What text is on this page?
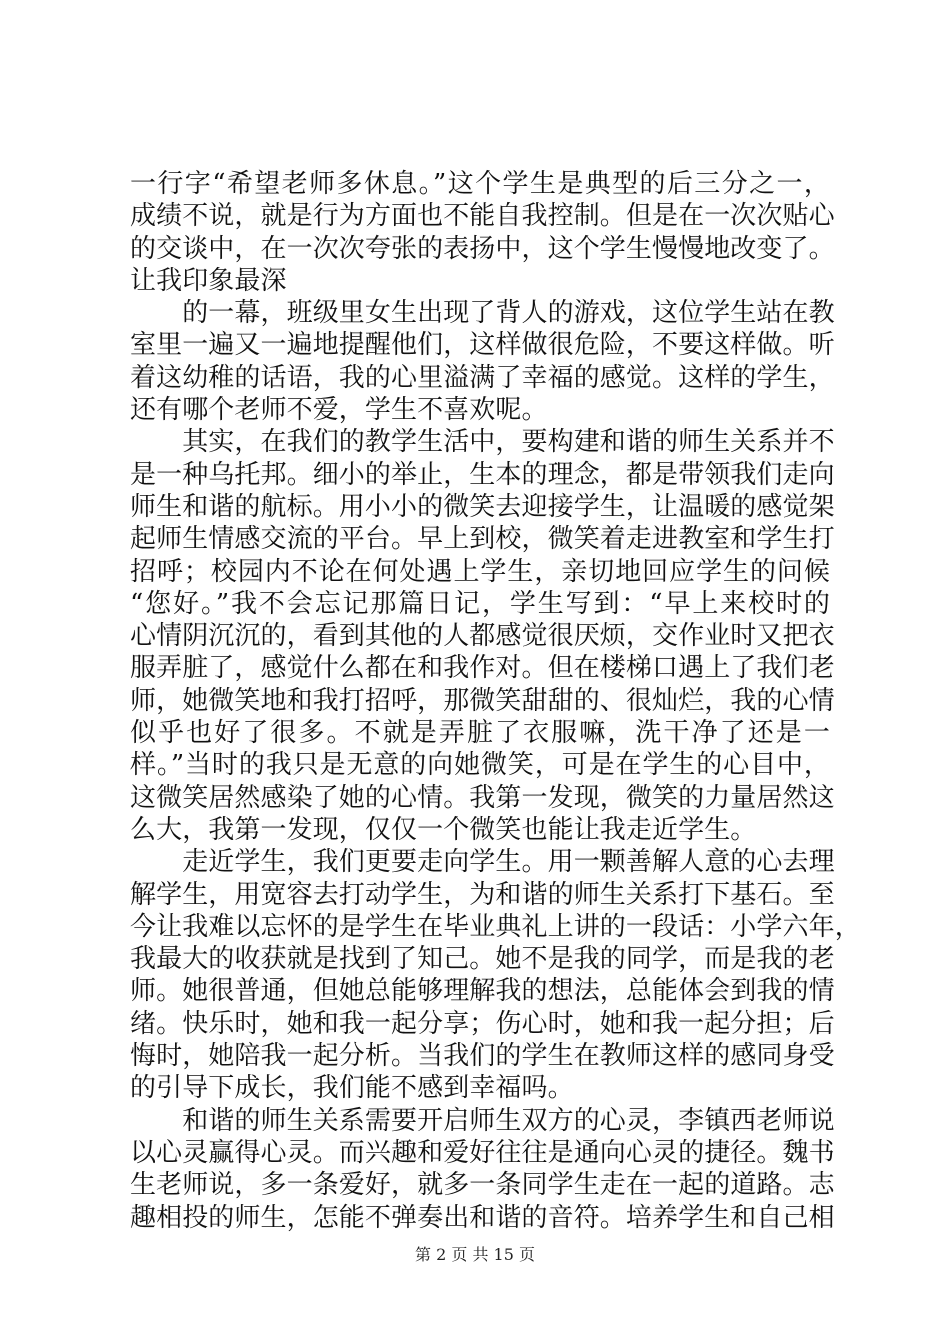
一行字“希望老师多休息。”这个学生是典型的后三分之一，
成绩不说，就是行为方面也不能自我控制。但是在一次次贴心
的交谈中，在一次次夸张的表扬中，这个学生慢慢地改变了。
让我印象最深
　　的一幕，班级里女生出现了背人的游戏，这位学生站在教
室里一遍又一遍地提醒他们，这样做很危险，不要这样做。听
着这幼稚的话语，我的心里溢满了幸福的感觉。这样的学生，
还有哪个老师不爱，学生不喜欢呢。
　　其实，在我们的教学生活中，要构建和谐的师生关系并不
是一种乌托邦。细小的举止，生本的理念，都是带领我们走向
师生和谐的航标。用小小的微笑去迎接学生，让温暖的感觉架
起师生情感交流的平台。早上到校，微笑着走进教室和学生打
招呼；校园内不论在何处遇上学生，亲切地回应学生的问候
“您好。”我不会忘记那篇日记，学生写到：“早上来校时的
心情阴沉沉的，看到其他的人都感觉很厌烦，交作业时又把衣
服弄脏了，感觉什么都在和我作对。但在楼梯口遇上了我们老
师，她微笑地和我打招呼，那微笑甜甜的、很灿烂，我的心情
似乎也好了很多。不就是弄脏了衣服嘛，洗干净了还是一
样。”当时的我只是无意的向她微笑，可是在学生的心目中，
这微笑居然感染了她的心情。我第一发现，微笑的力量居然这
么大，我第一发现，仅仅一个微笑也能让我走近学生。
　　走近学生，我们更要走向学生。用一颗善解人意的心去理
解学生，用宽容去打动学生，为和谐的师生关系打下基石。至
今让我难以忘怀的是学生在毕业典礼上讲的一段话：小学六年，
我最大的收获就是找到了知己。她不是我的同学，而是我的老
师。她很普通，但她总能够理解我的想法，总能体会到我的情
绪。快乐时，她和我一起分享；伤心时，她和我一起分担；后
悔时，她陪我一起分析。当我们的学生在教师这样的感同身受
的引导下成长，我们能不感到幸福吗。
　　和谐的师生关系需要开启师生双方的心灵，李镇西老师说
以心灵赢得心灵。而兴趣和爱好往往是通向心灵的捷径。魏书
生老师说，多一条爱好，就多一条同学生走在一起的道路。志
趣相投的师生，怎能不弹奏出和谐的音符。培养学生和自己相
第 2 页 共 15 页
